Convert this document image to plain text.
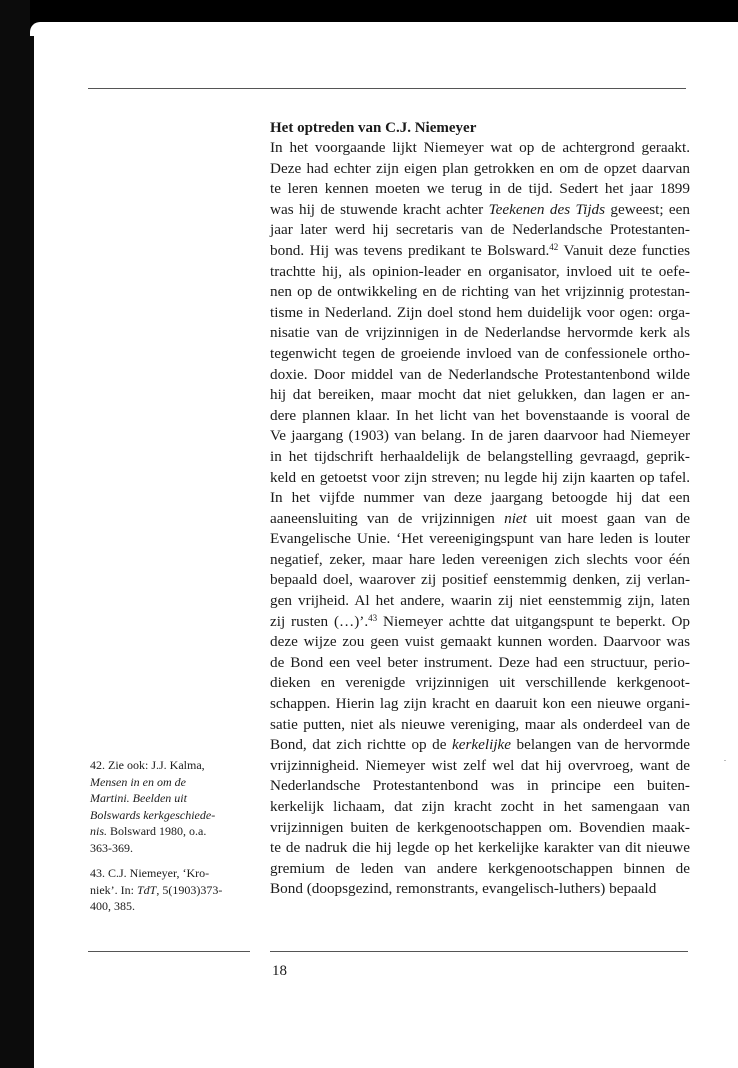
Het optreden van C.J. Niemeyer
In het voorgaande lijkt Niemeyer wat op de achtergrond geraakt.
Deze had echter zijn eigen plan getrokken en om de opzet daarvan
te leren kennen moeten we terug in de tijd. Sedert het jaar 1899
was hij de stuwende kracht achter Teekenen des Tijds geweest; een
jaar later werd hij secretaris van de Nederlandsche Protestanten-
bond. Hij was tevens predikant te Bolsward.$^{42}$ Vanuit deze functies
trachtte hij, als opinion-leader en organisator, invloed uit te oefe-
nen op de ontwikkeling en de richting van het vrijzinnig protestan-
tisme in Nederland. Zijn doel stond hem duidelijk voor ogen: orga-
nisatie van de vrijzinnigen in de Nederlandse hervormde kerk als
tegenwicht tegen de groeiende invloed van de confessionele ortho-
doxie. Door middel van de Nederlandsche Protestantenbond wilde
hij dat bereiken, maar mocht dat niet gelukken, dan lagen er an-
dere plannen klaar. In het licht van het bovenstaande is vooral de
Ve jaargang (1903) van belang. In de jaren daarvoor had Niemeyer
in het tijdschrift herhaaldelijk de belangstelling gevraagd, geprik-
keld en getoetst voor zijn streven; nu legde hij zijn kaarten op tafel.
In het vijfde nummer van deze jaargang betoogde hij dat een
aaneensluiting van de vrijzinnigen niet uit moest gaan van de
Evangelische Unie. ‘Het vereenigingspunt van hare leden is louter
negatief, zeker, maar hare leden vereenigen zich slechts voor één
bepaald doel, waarover zij positief eenstemmig denken, zij verlan-
gen vrijheid. Al het andere, waarin zij niet eenstemmig zijn, laten
zij rusten (…)’.$^{43}$ Niemeyer achtte dat uitgangspunt te beperkt. Op
deze wijze zou geen vuist gemaakt kunnen worden. Daarvoor was
de Bond een veel beter instrument. Deze had een structuur, perio-
dieken en verenigde vrijzinnigen uit verschillende kerkgenoot-
schappen. Hierin lag zijn kracht en daaruit kon een nieuwe organi-
satie putten, niet als nieuwe vereniging, maar als onderdeel van de
Bond, dat zich richtte op de kerkelijke belangen van de hervormde
vrijzinnigheid. Niemeyer wist zelf wel dat hij overvroeg, want de
Nederlandsche Protestantenbond was in principe een buiten-
kerkelijk lichaam, dat zijn kracht zocht in het samengaan van
vrijzinnigen buiten de kerkgenootschappen om. Bovendien maak-
te de nadruk die hij legde op het kerkelijke karakter van dit nieuwe
gremium de leden van andere kerkgenootschappen binnen de
Bond (doopsgezind, remonstrants, evangelisch-luthers) bepaald
42. Zie ook: J.J. Kalma,
Mensen in en om de
Martini. Beelden uit
Bolswards kerkgeschiede-
nis. Bolsward 1980, o.a.
363-369.
43. C.J. Niemeyer, ‘Kro-
niek’. In: TdT, 5(1903)373-
400, 385.
18
